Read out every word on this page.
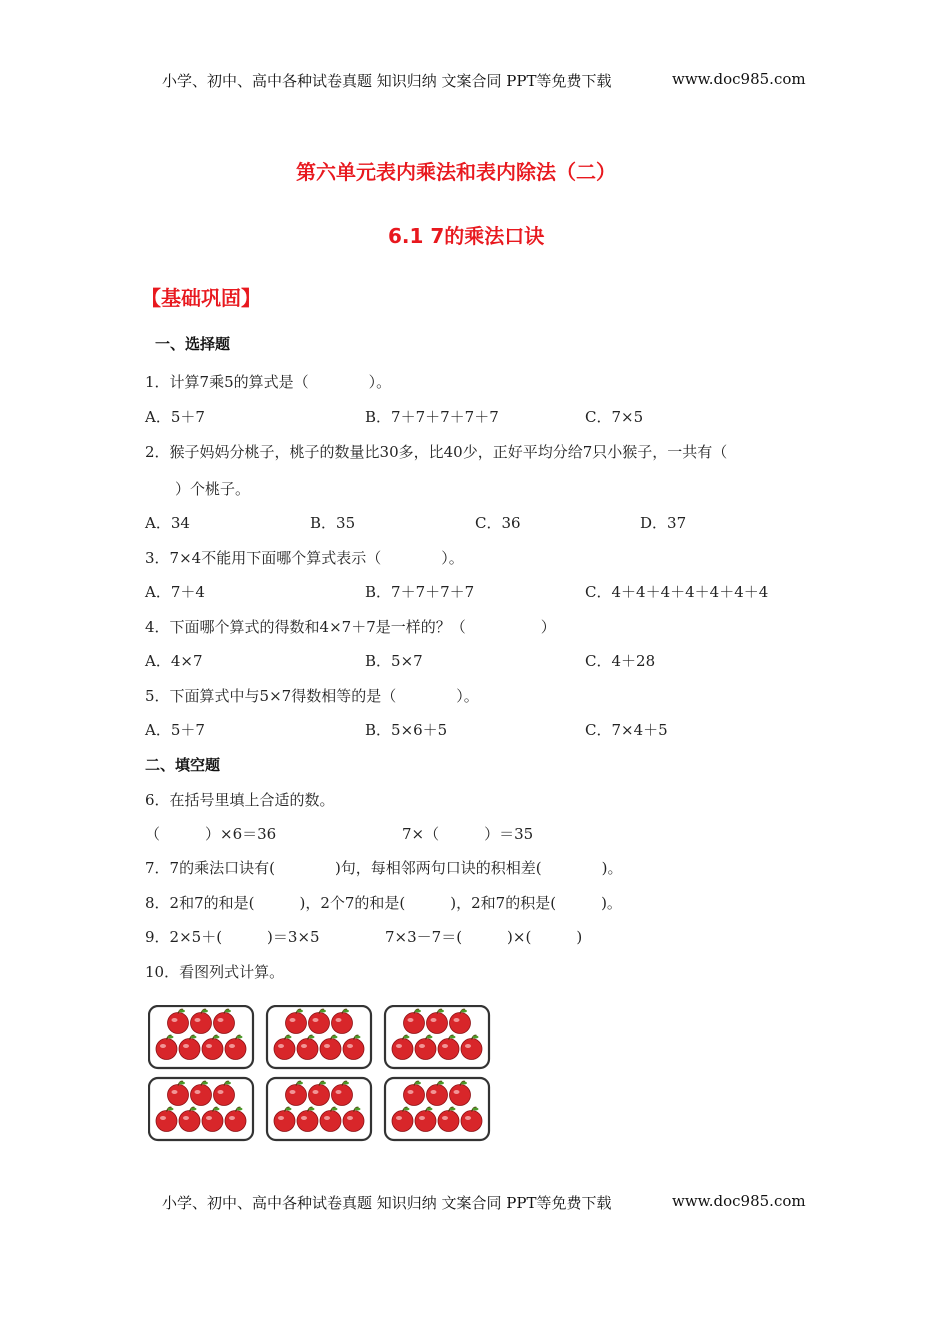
小学、初中、高中各种试卷真题 知识归纳 文案合同 PPT等免费下载	www.doc985.com
第六单元表内乘法和表内除法（二）
6.1 7的乘法口诀
【基础巩固】
一、选择题
1．计算7乘5的算式是（　　　　）。
A．5＋7	B．7＋7＋7＋7＋7	C．7×5
2．猴子妈妈分桃子，桃子的数量比30多，比40少，正好平均分给7只小猴子，一共有（
　　）个桃子。
A．34	B．35	C．36	D．37
3．7×4不能用下面哪个算式表示（　　　　）。
A．7＋4	B．7＋7＋7＋7	C．4＋4＋4＋4＋4＋4＋4
4．下面哪个算式的得数和4×7＋7是一样的？（　　　　　）
A．4×7	B．5×7	C．4＋28
5．下面算式中与5×7得数相等的是（　　　　）。
A．5＋7	B．5×6＋5	C．7×4＋5
二、填空题
6．在括号里填上合适的数。
（　　　）×6＝36	7×（　　　）＝35
7．7的乘法口诀有(　　　　)句，每相邻两句口诀的积相差(　　　　)。
8．2和7的和是(　　　)，2个7的和是(　　　)，2和7的积是(　　　)。
9．2×5＋(　　　)＝3×5	7×3－7＝(　　　)×(　　　)
10．看图列式计算。
小学、初中、高中各种试卷真题 知识归纳 文案合同 PPT等免费下载	www.doc985.com
